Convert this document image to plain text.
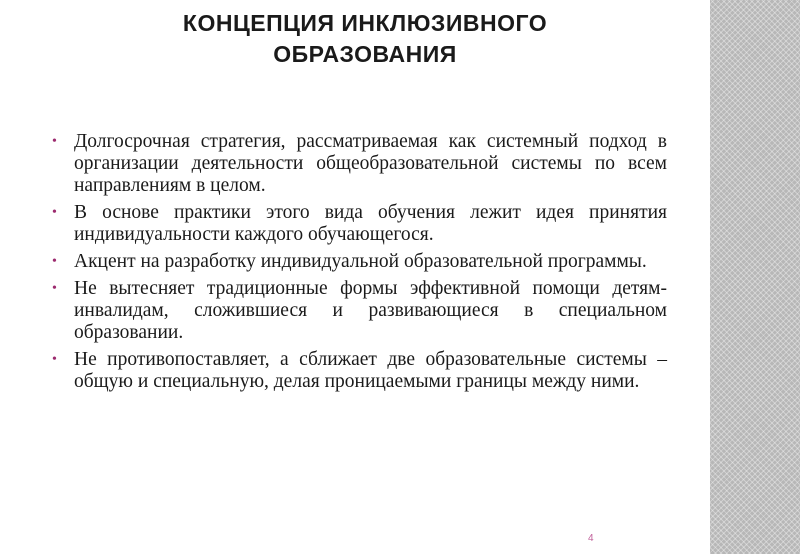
КОНЦЕПЦИЯ ИНКЛЮЗИВНОГО
ОБРАЗОВАНИЯ
• Долгосрочная стратегия, рассматриваемая как системный подход в организации деятельности общеобразовательной системы по всем направлениям в целом.
• В основе практики этого вида обучения лежит идея принятия индивидуальности каждого обучающегося.
• Акцент на разработку индивидуальной образовательной программы.
• Не вытесняет традиционные формы эффективной помощи детям-инвалидам, сложившиеся и развивающиеся в специальном образовании.
• Не противопоставляет, а сближает две образовательные системы – общую и специальную, делая проницаемыми границы между ними.
4
